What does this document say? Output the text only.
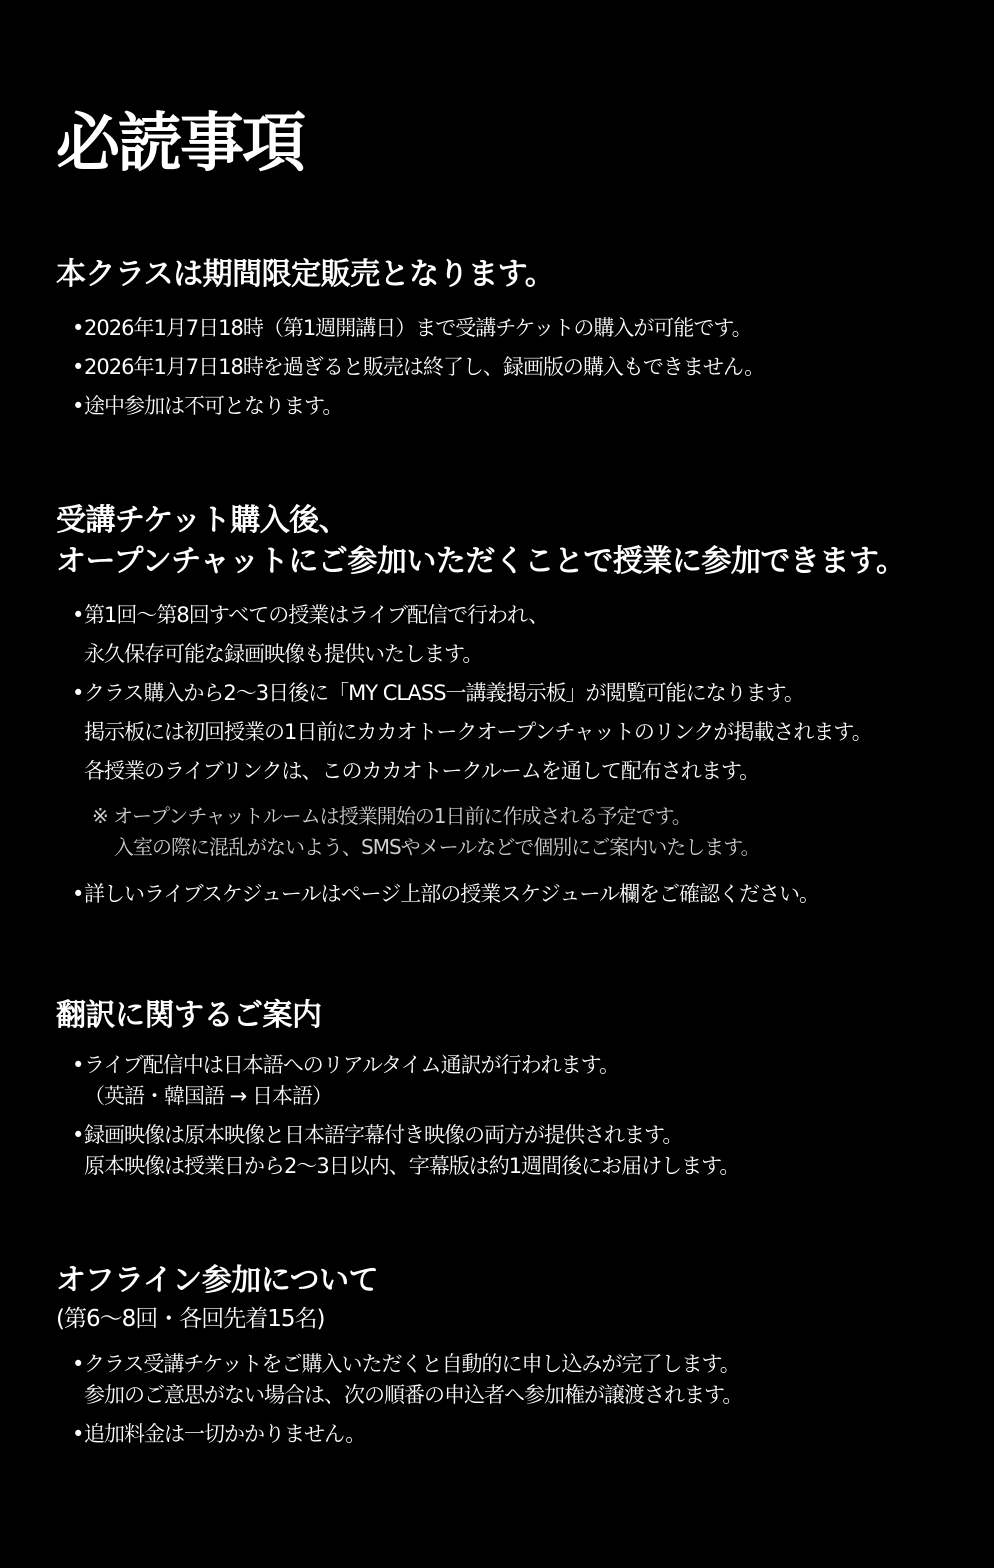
必読事項
本クラスは期間限定販売となります。
• 2026年1月7日18時（第1週開講日）まで受講チケットの購入が可能です。
• 2026年1月7日18時を過ぎると販売は終了し、録画版の購入もできません。
• 途中参加は不可となります。
受講チケット購入後、
オープンチャットにご参加いただくことで授業に参加できます。
• 第1回〜第8回すべての授業はライブ配信で行われ、
永久保存可能な録画映像も提供いたします。
• クラス購入から2〜3日後に「MY CLASS一講義掲示板」が閲覧可能になります。
掲示板には初回授業の1日前にカカオトークオープンチャットのリンクが掲載されます。
各授業のライブリンクは、このカカオトークルームを通して配布されます。
※ オープンチャットルームは授業開始の1日前に作成される予定です。
入室の際に混乱がないよう、SMSやメールなどで個別にご案内いたします。
• 詳しいライブスケジュールはページ上部の授業スケジュール欄をご確認ください。
翻訳に関するご案内
• ライブ配信中は日本語へのリアルタイム通訳が行われます。
（英語・韓国語 → 日本語）
• 録画映像は原本映像と日本語字幕付き映像の両方が提供されます。
原本映像は授業日から2〜3日以内、字幕版は約1週間後にお届けします。
オフライン参加について
(第6〜8回・各回先着15名)
• クラス受講チケットをご購入いただくと自動的に申し込みが完了します。
参加のご意思がない場合は、次の順番の申込者へ参加権が譲渡されます。
• 追加料金は一切かかりません。
